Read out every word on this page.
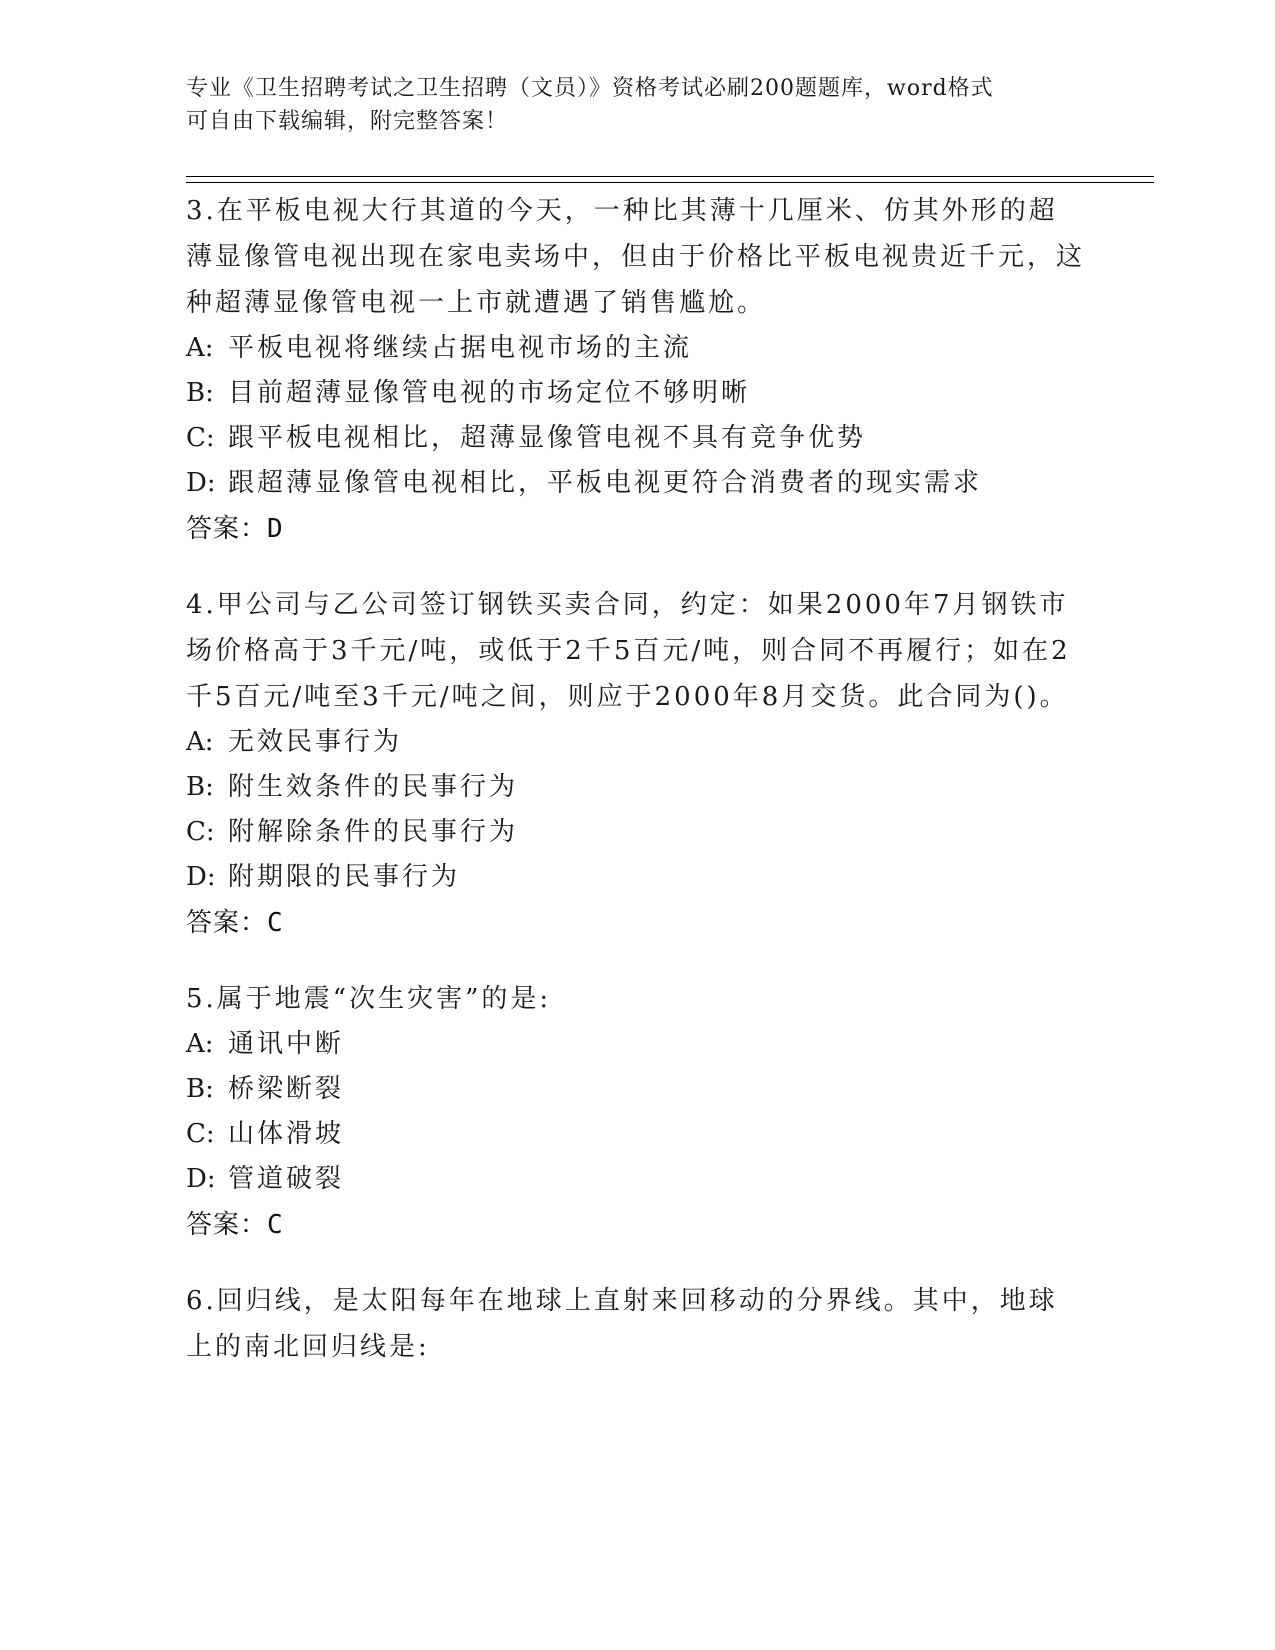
专业《卫生招聘考试之卫生招聘（文员）》资格考试必刷200题题库，word格式
可自由下载编辑，附完整答案！

3.在平板电视大行其道的今天，一种比其薄十几厘米、仿其外形的超薄显像管电视出现在家电卖场中，但由于价格比平板电视贵近千元，这种超薄显像管电视一上市就遭遇了销售尴尬。

A: 平板电视将继续占据电视市场的主流

B: 目前超薄显像管电视的市场定位不够明晰

C: 跟平板电视相比，超薄显像管电视不具有竞争优势

D: 跟超薄显像管电视相比，平板电视更符合消费者的现实需求

答案：D

4.甲公司与乙公司签订钢铁买卖合同，约定：如果2000年7月钢铁市场价格高于3千元/吨，或低于2千5百元/吨，则合同不再履行；如在2千5百元/吨至3千元/吨之间，则应于2000年8月交货。此合同为()。

A: 无效民事行为

B: 附生效条件的民事行为

C: 附解除条件的民事行为

D: 附期限的民事行为

答案：C

5.属于地震“次生灾害”的是:

A: 通讯中断

B: 桥梁断裂

C: 山体滑坡

D: 管道破裂

答案：C

6.回归线，是太阳每年在地球上直射来回移动的分界线。其中，地球上的南北回归线是:
